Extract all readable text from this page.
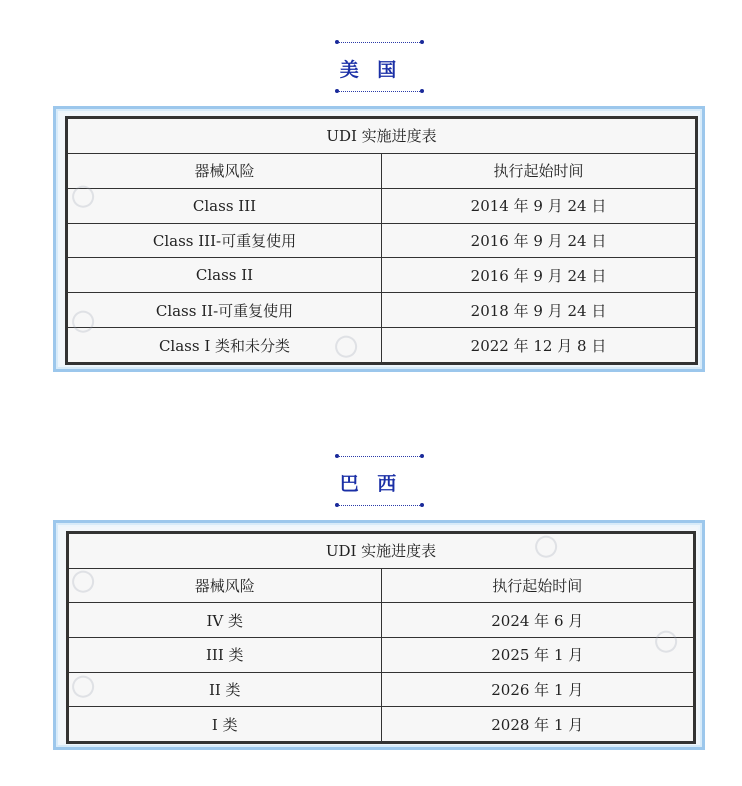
美 国
UDI 实施进度表	
器械风险	执行起始时间
Class III	2014 年 9 月 24 日
Class III-可重复使用	2016 年 9 月 24 日
Class II	2016 年 9 月 24 日
Class II-可重复使用	2018 年 9 月 24 日
Class I 类和未分类	2022 年 12 月 8 日
巴 西
UDI 实施进度表	
器械风险	执行起始时间
IV 类	2024 年 6 月
III 类	2025 年 1 月
II 类	2026 年 1 月
I 类	2028 年 1 月
